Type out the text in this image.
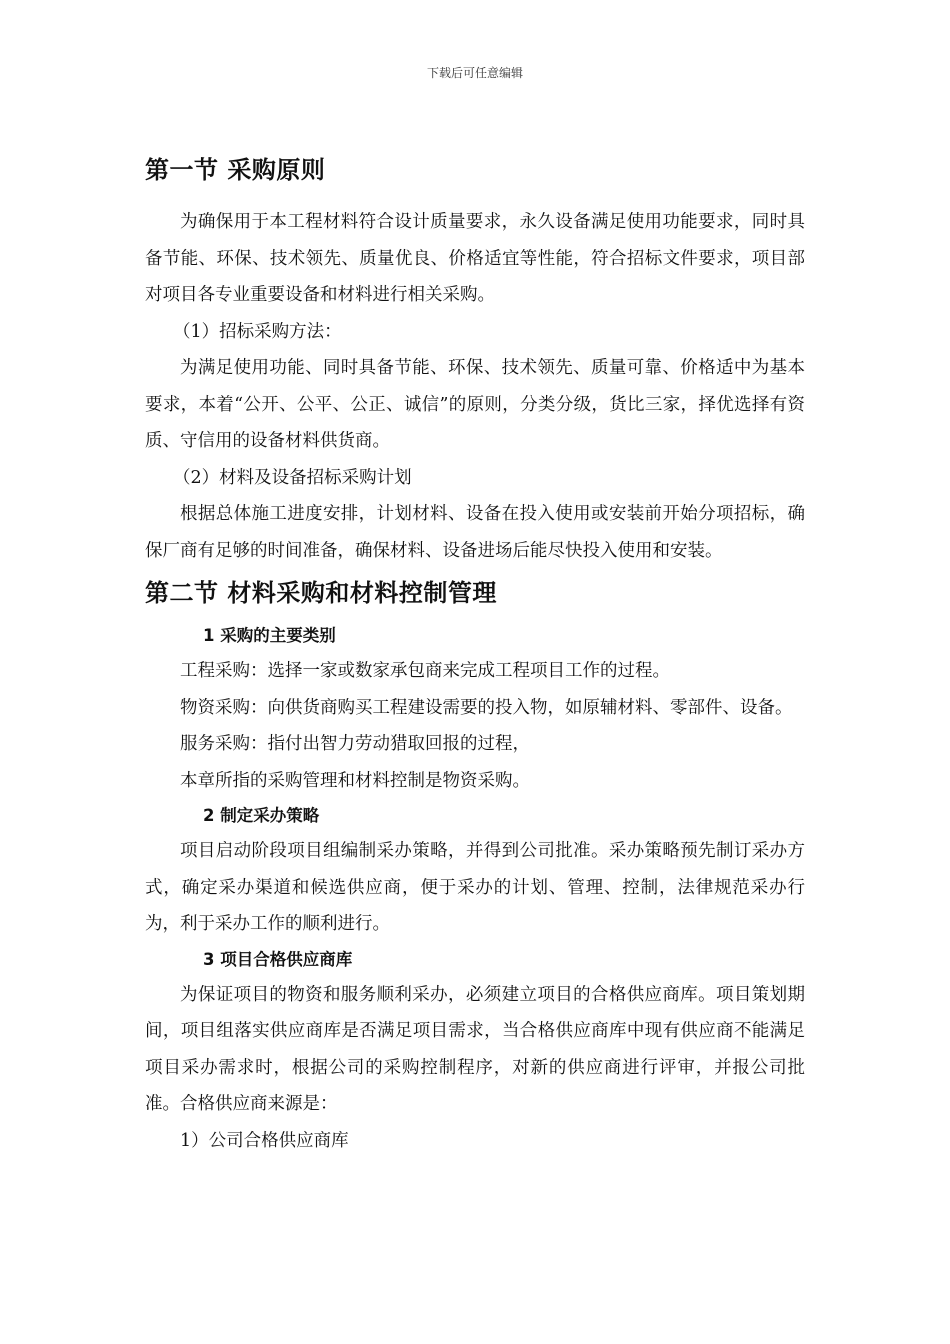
下载后可任意编辑
第一节 采购原则

为确保用于本工程材料符合设计质量要求，永久设备满足使用功能要求，同时具备节能、环保、技术领先、质量优良、价格适宜等性能，符合招标文件要求，项目部对项目各专业重要设备和材料进行相关采购。

（1）招标采购方法：

为满足使用功能、同时具备节能、环保、技术领先、质量可靠、价格适中为基本要求，本着“公开、公平、公正、诚信”的原则，分类分级，货比三家，择优选择有资质、守信用的设备材料供货商。

（2）材料及设备招标采购计划

根据总体施工进度安排，计划材料、设备在投入使用或安装前开始分项招标，确保厂商有足够的时间准备，确保材料、设备进场后能尽快投入使用和安装。

第二节 材料采购和材料控制管理

1 采购的主要类别

工程采购：选择一家或数家承包商来完成工程项目工作的过程。

物资采购：向供货商购买工程建设需要的投入物，如原辅材料、零部件、设备。

服务采购：指付出智力劳动猎取回报的过程，

本章所指的采购管理和材料控制是物资采购。

2 制定采办策略

项目启动阶段项目组编制采办策略，并得到公司批准。采办策略预先制订采办方式，确定采办渠道和候选供应商，便于采办的计划、管理、控制，法律规范采办行为，利于采办工作的顺利进行。

3 项目合格供应商库

为保证项目的物资和服务顺利采办，必须建立项目的合格供应商库。项目策划期间，项目组落实供应商库是否满足项目需求，当合格供应商库中现有供应商不能满足项目采办需求时，根据公司的采购控制程序，对新的供应商进行评审，并报公司批准。合格供应商来源是：

1）公司合格供应商库
